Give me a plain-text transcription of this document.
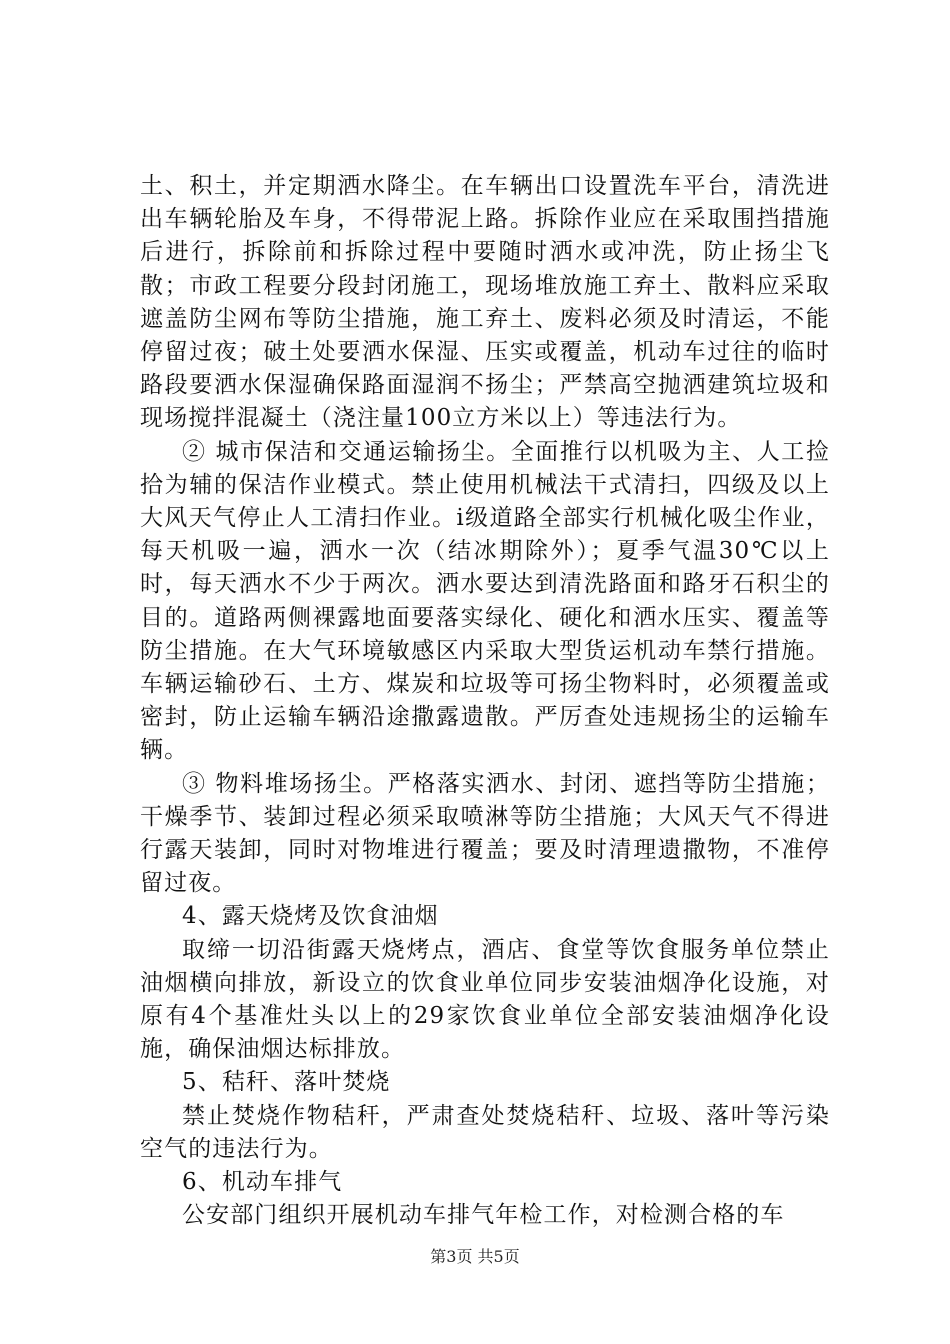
土、积土，并定期洒水降尘。在车辆出口设置洗车平台，清洗进出车辆轮胎及车身，不得带泥上路。拆除作业应在采取围挡措施后进行，拆除前和拆除过程中要随时洒水或冲洗，防止扬尘飞散；市政工程要分段封闭施工，现场堆放施工弃土、散料应采取遮盖防尘网布等防尘措施，施工弃土、废料必须及时清运，不能停留过夜；破土处要洒水保湿、压实或覆盖，机动车过往的临时路段要洒水保湿确保路面湿润不扬尘；严禁高空抛洒建筑垃圾和现场搅拌混凝土（浇注量100立方米以上）等违法行为。

② 城市保洁和交通运输扬尘。全面推行以机吸为主、人工捡拾为辅的保洁作业模式。禁止使用机械法干式清扫，四级及以上大风天气停止人工清扫作业。i级道路全部实行机械化吸尘作业，每天机吸一遍，洒水一次（结冰期除外）；夏季气温30℃以上时，每天洒水不少于两次。洒水要达到清洗路面和路牙石积尘的目的。道路两侧裸露地面要落实绿化、硬化和洒水压实、覆盖等防尘措施。在大气环境敏感区内采取大型货运机动车禁行措施。车辆运输砂石、土方、煤炭和垃圾等可扬尘物料时，必须覆盖或密封，防止运输车辆沿途撒露遗散。严厉查处违规扬尘的运输车辆。

③ 物料堆场扬尘。严格落实洒水、封闭、遮挡等防尘措施；干燥季节、装卸过程必须采取喷淋等防尘措施；大风天气不得进行露天装卸，同时对物堆进行覆盖；要及时清理遗撒物，不准停留过夜。

4、露天烧烤及饮食油烟

取缔一切沿街露天烧烤点，酒店、食堂等饮食服务单位禁止油烟横向排放，新设立的饮食业单位同步安装油烟净化设施，对原有4个基准灶头以上的29家饮食业单位全部安装油烟净化设施，确保油烟达标排放。

5、秸秆、落叶焚烧

禁止焚烧作物秸秆，严肃查处焚烧秸秆、垃圾、落叶等污染空气的违法行为。

6、机动车排气

公安部门组织开展机动车排气年检工作，对检测合格的车

第3页 共5页
